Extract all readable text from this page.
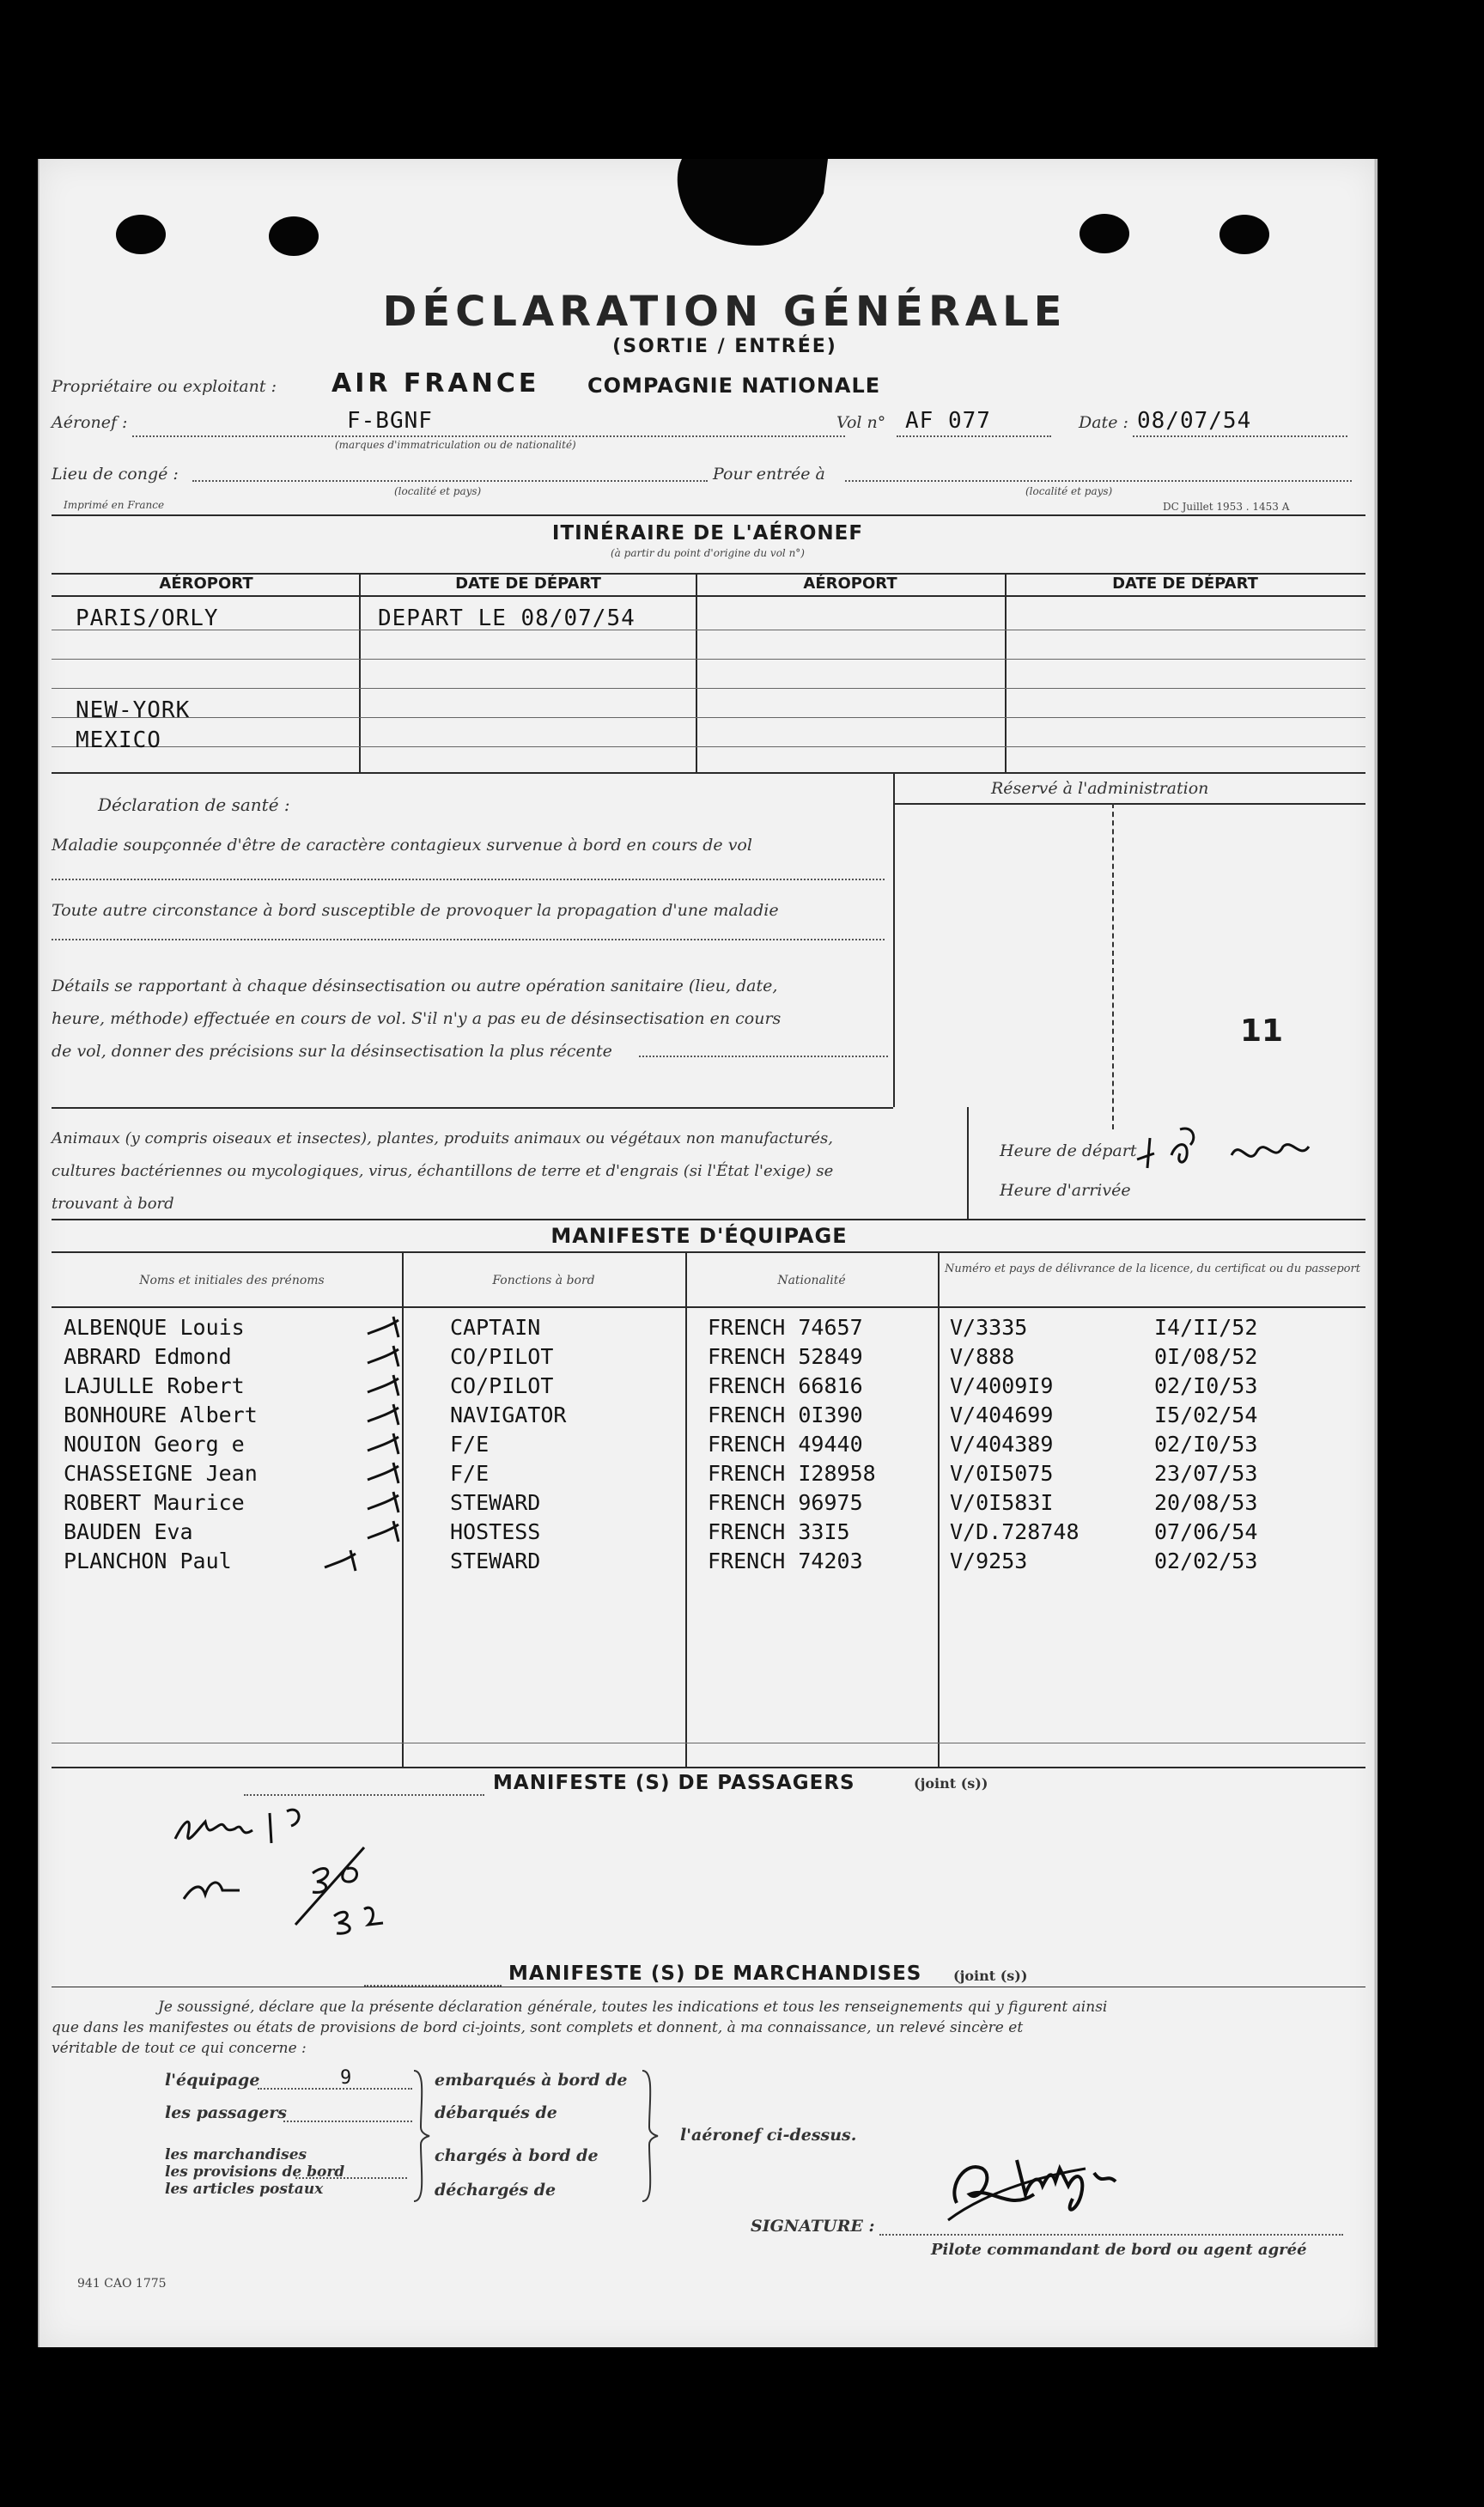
DÉCLARATION GÉNÉRALE
(SORTIE / ENTRÉE)
Propriétaire ou exploitant : AIR FRANCE COMPAGNIE NATIONALE
Aéronef :	F-BGNF
(marques d'immatriculation ou de nationalité)
Vol n° AF 077	Date : 08/07/54
Lieu de congé :
(localité et pays)
Pour entrée à
(localité et pays)
Imprimé en France	DC Juillet 1953 . 1453 A
ITINÉRAIRE DE L'AÉRONEF
(à partir du point d'origine du vol n°)
AÉROPORT	DATE DE DÉPART	AÉROPORT	DATE DE DÉPART
PARIS/ORLY	DEPART LE 08/07/54
NEW-YORK
MEXICO
Déclaration de santé :
Maladie soupçonnée d'être de caractère contagieux survenue à bord en cours de vol
Toute autre circonstance à bord susceptible de provoquer la propagation d'une maladie
Détails se rapportant à chaque désinsectisation ou autre opération sanitaire (lieu, date,
heure, méthode) effectuée en cours de vol. S'il n'y a pas eu de désinsectisation en cours
de vol, donner des précisions sur la désinsectisation la plus récente
Réservé à l'administration
11
Animaux (y compris oiseaux et insectes), plantes, produits animaux ou végétaux non manufacturés,
cultures bactériennes ou mycologiques, virus, échantillons de terre et d'engrais (si l'État l'exige) se
trouvant à bord
Heure de départ
Heure d'arrivée
MANIFESTE D'ÉQUIPAGE
Noms et initiales des prénoms	Fonctions à bord	Nationalité
Numéro et pays de délivrance de la licence, du certificat ou du passeport
ALBENQUE Louis	CAPTAIN	FRENCH 74657	V/3335	I4/II/52
ABRARD Edmond	CO/PILOT	FRENCH 52849	V/888	0I/08/52
LAJULLE Robert	CO/PILOT	FRENCH 66816	V/4009I9	02/I0/53
BONHOURE Albert	NAVIGATOR	FRENCH 0I390	V/404699	I5/02/54
NOUION Georg e	F/E	FRENCH 49440	V/404389	02/I0/53
CHASSEIGNE Jean	F/E	FRENCH I28958	V/0I5075	23/07/53
ROBERT Maurice	STEWARD	FRENCH 96975	V/0I583I	20/08/53
BAUDEN Eva	HOSTESS	FRENCH 33I5	V/D.728748	07/06/54
PLANCHON Paul	STEWARD	FRENCH 74203	V/9253	02/02/53
MANIFESTE (S) DE PASSAGERS	(joint (s))
MANIFESTE (S) DE MARCHANDISES (joint (s))
Je soussigné, déclare que la présente déclaration générale, toutes les indications et tous les renseignements qui y figurent ainsi
que dans les manifestes ou états de provisions de bord ci-joints, sont complets et donnent, à ma connaissance, un relevé sincère et
véritable de tout ce qui concerne :
l'équipage	9
les passagers
les marchandises
les provisions de bord
les articles postaux
embarqués à bord de
débarqués de
chargés à bord de
déchargés de
l'aéronef ci-dessus.
SIGNATURE :
Pilote commandant de bord ou agent agréé
941 CAO 1775
